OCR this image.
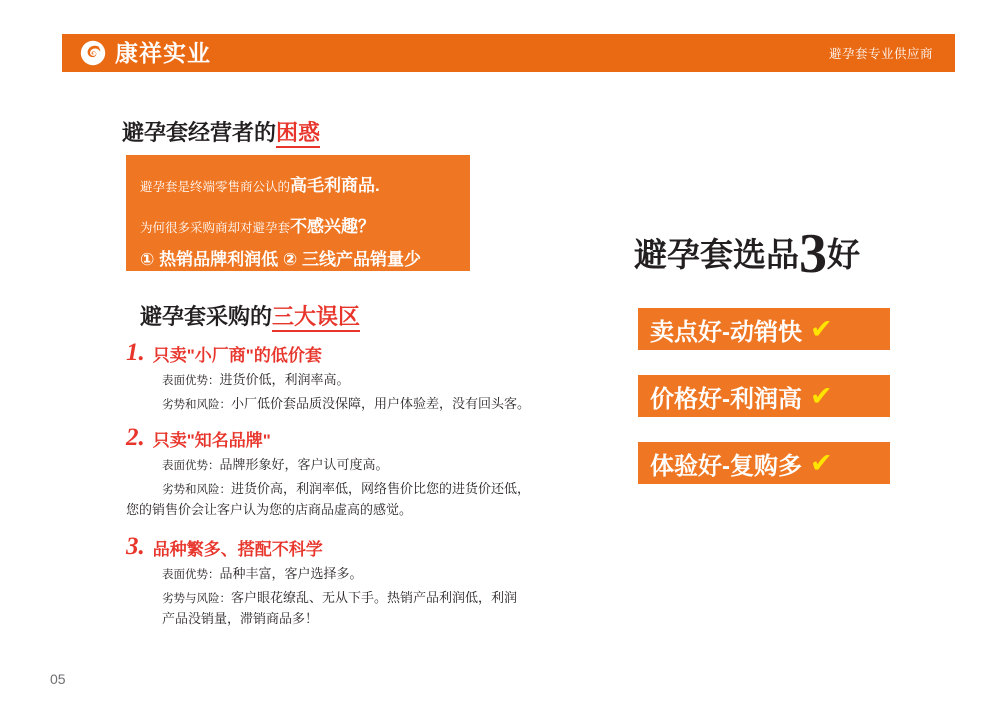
康祥实业	避孕套专业供应商
避孕套经营者的困惑
避孕套是终端零售商公认的高毛利商品.
为何很多采购商却对避孕套不感兴趣？
① 热销品牌利润低 ② 三线产品销量少
避孕套采购的三大误区
1. 只卖"小厂商"的低价套
表面优势：进货价低，利润率高。
劣势和风险：小厂低价套品质没保障，用户体验差，没有回头客。
2. 只卖"知名品牌"
表面优势：品牌形象好，客户认可度高。
劣势和风险：进货价高，利润率低，网络售价比您的进货价还低，
您的销售价会让客户认为您的店商品虚高的感觉。
3. 品种繁多、搭配不科学
表面优势：品种丰富，客户选择多。
劣势与风险：客户眼花缭乱、无从下手。热销产品利润低，利润
产品没销量，滞销商品多！
避孕套选品3好
卖点好-动销快 ✔
价格好-利润高 ✔
体验好-复购多 ✔
05
